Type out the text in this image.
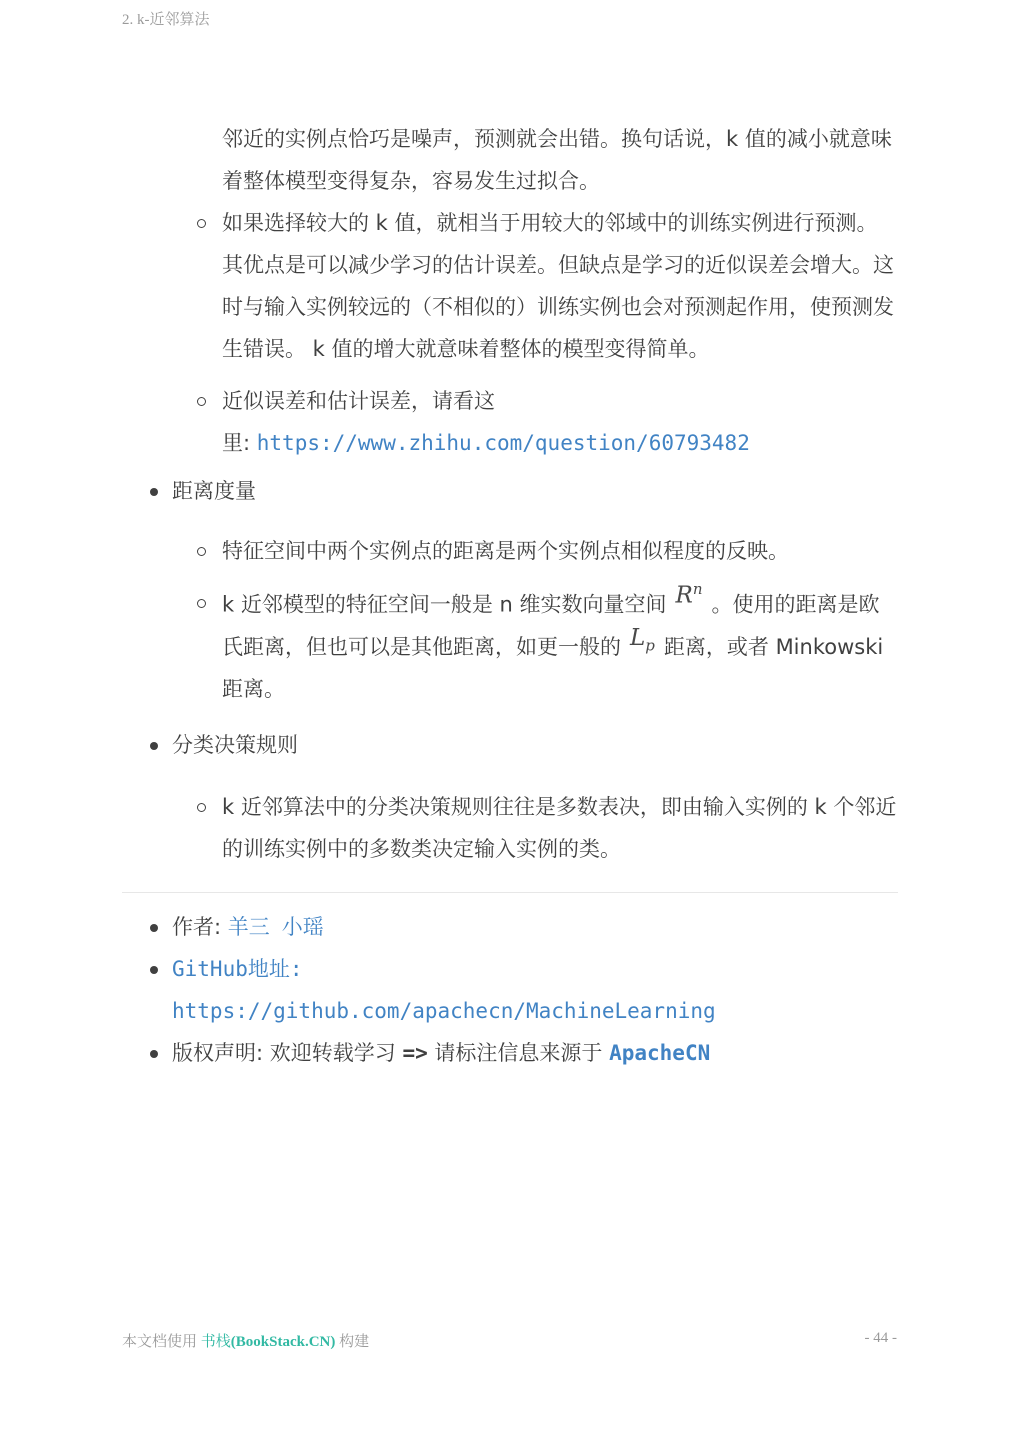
2. k-近邻算法

邻近的实例点恰巧是噪声，预测就会出错。换句话说，k 值的减小就意味着整体模型变得复杂，容易发生过拟合。

如果选择较大的 k 值，就相当于用较大的邻域中的训练实例进行预测。其优点是可以减少学习的估计误差。但缺点是学习的近似误差会增大。这时与输入实例较远的（不相似的）训练实例也会对预测起作用，使预测发生错误。 k 值的增大就意味着整体的模型变得简单。

近似误差和估计误差，请看这
里: https://www.zhihu.com/question/60793482

距离度量

特征空间中两个实例点的距离是两个实例点相似程度的反映。

k 近邻模型的特征空间一般是 n 维实数向量空间 $R^n$。使用的距离是欧氏距离，但也可以是其他距离，如更一般的 $L_p$ 距离，或者 Minkowski 距离。

分类决策规则

k 近邻算法中的分类决策规则往往是多数表决，即由输入实例的 k 个邻近的训练实例中的多数类决定输入实例的类。

作者: 羊三 小瑶

GitHub地址:
https://github.com/apachecn/MachineLearning

版权声明: 欢迎转载学习 => 请标注信息来源于 ApacheCN

本文档使用 书栈(BookStack.CN) 构建	- 44 -
